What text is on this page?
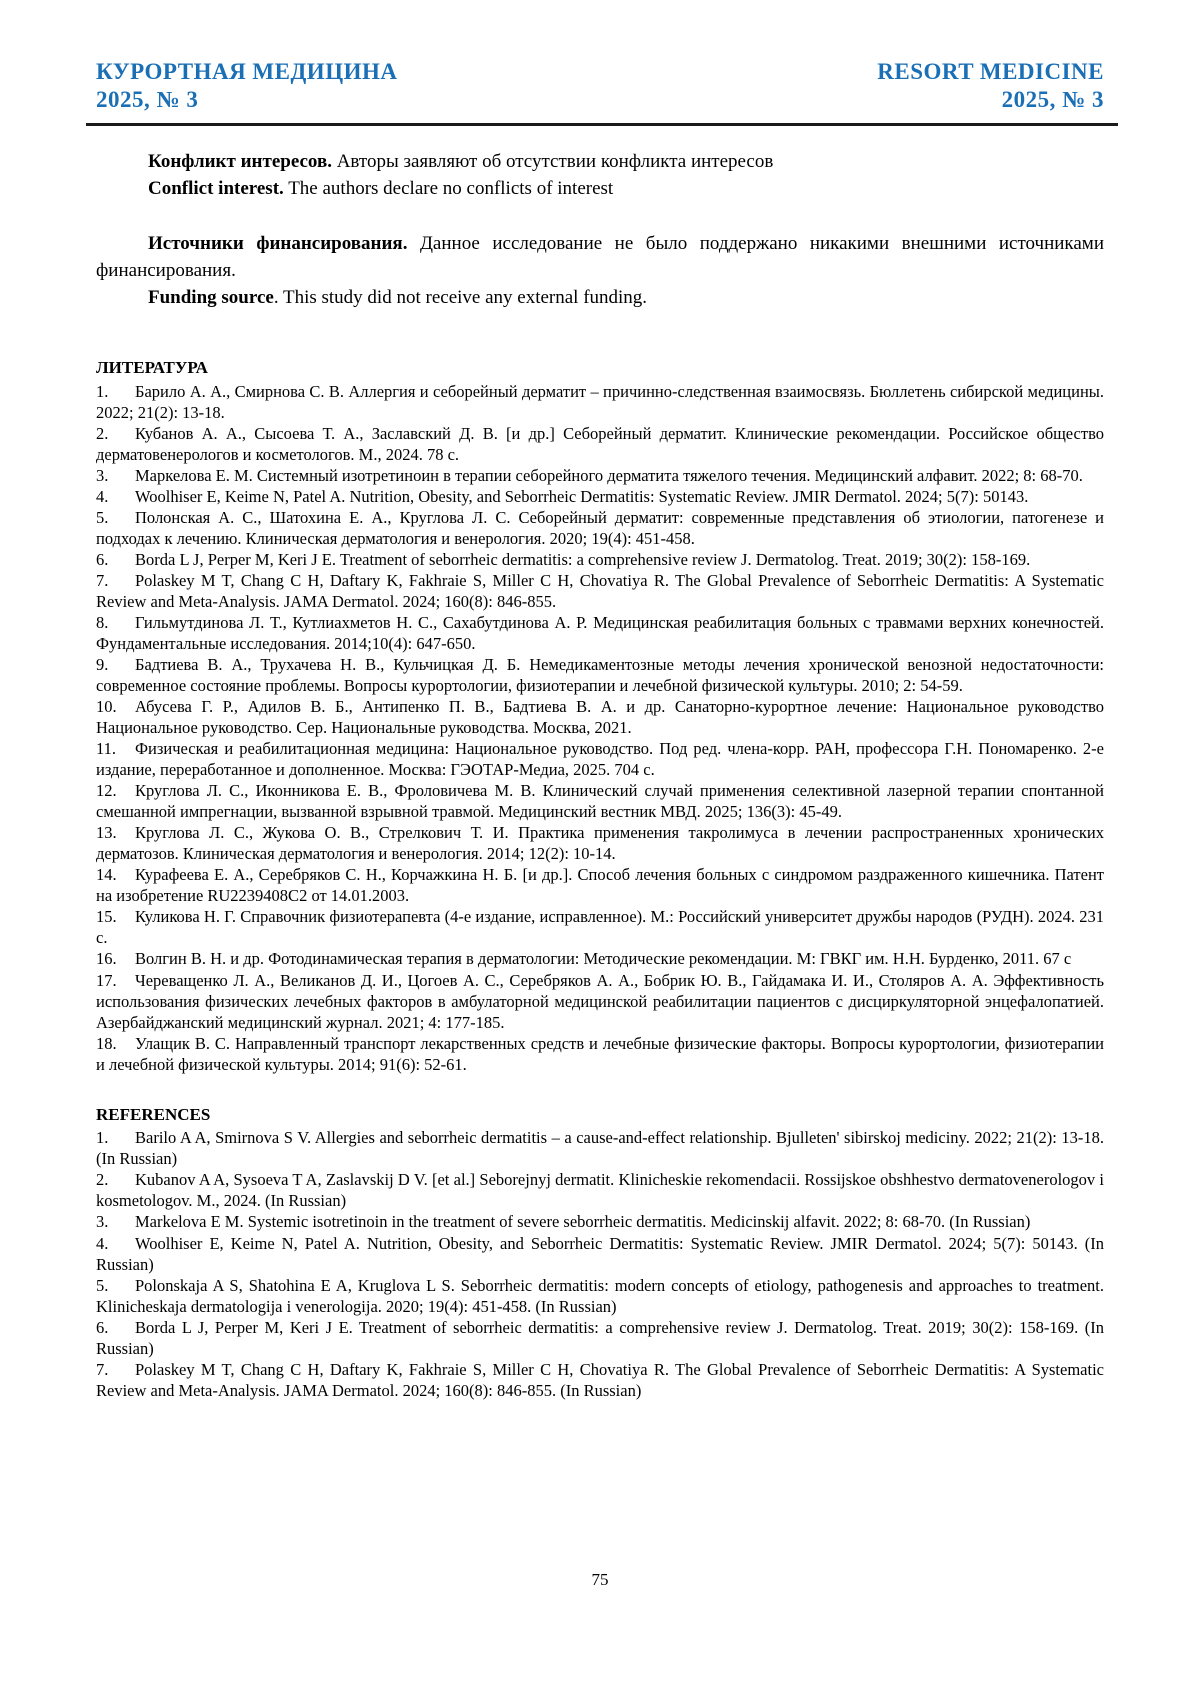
КУРОРТНАЯ МЕДИЦИНА	RESORT MEDICINE
2025, № 3	2025, № 3

Конфликт интересов. Авторы заявляют об отсутствии конфликта интересов

Conflict interest. The authors declare no conflicts of interest

Источники финансирования. Данное исследование не было поддержано никакими внешними источниками финансирования.

Funding source. This study did not receive any external funding.

ЛИТЕРАТУРА

1. Барило А. А., Смирнова С. В. Аллергия и себорейный дерматит – причинно-следственная взаимосвязь. Бюллетень сибирской медицины. 2022; 21(2): 13-18.

2. Кубанов А. А., Сысоева Т. А., Заславский Д. В. [и др.] Себорейный дерматит. Клинические рекомендации. Российское общество дерматовенерологов и косметологов. М., 2024. 78 с.

3. Маркелова Е. М. Системный изотретиноин в терапии себорейного дерматита тяжелого течения. Медицинский алфавит. 2022; 8: 68-70.

4. Woolhiser E, Keime N, Patel A. Nutrition, Obesity, and Seborrheic Dermatitis: Systematic Review. JMIR Dermatol. 2024; 5(7): 50143.

5. Полонская А. С., Шатохина Е. А., Круглова Л. С. Себорейный дерматит: современные представления об этиологии, патогенезе и подходах к лечению. Клиническая дерматология и венерология. 2020; 19(4): 451-458.

6. Borda L J, Perper M, Keri J E. Treatment of seborrheic dermatitis: a comprehensive review J. Dermatolog. Treat. 2019; 30(2): 158-169.

7. Polaskey M T, Chang C H, Daftary K, Fakhraie S, Miller C H, Chovatiya R. The Global Prevalence of Seborrheic Dermatitis: A Systematic Review and Meta-Analysis. JAMA Dermatol. 2024; 160(8): 846-855.

8. Гильмутдинова Л. Т., Кутлиахметов Н. С., Сахабутдинова А. Р. Медицинская реабилитация больных с травмами верхних конечностей. Фундаментальные исследования. 2014;10(4): 647-650.

9. Бадтиева В. А., Трухачева Н. В., Кульчицкая Д. Б. Немедикаментозные методы лечения хронической венозной недостаточности: современное состояние проблемы. Вопросы курортологии, физиотерапии и лечебной физической культуры. 2010; 2: 54-59.

10. Абусева Г. Р., Адилов В. Б., Антипенко П. В., Бадтиева В. А. и др. Санаторно-курортное лечение: Национальное руководство Национальное руководство. Сер. Национальные руководства. Москва, 2021.

11. Физическая и реабилитационная медицина: Национальное руководство. Под ред. члена-корр. РАН, профессора Г.Н. Пономаренко. 2-е издание, переработанное и дополненное. Москва: ГЭОТАР-Медиа, 2025. 704 с.

12. Круглова Л. С., Иконникова Е. В., Фроловичева М. В. Клинический случай применения селективной лазерной терапии спонтанной смешанной импрегнации, вызванной взрывной травмой. Медицинский вестник МВД. 2025; 136(3): 45-49.

13. Круглова Л. С., Жукова О. В., Стрелкович Т. И. Практика применения такролимуса в лечении распространенных хронических дерматозов. Клиническая дерматология и венерология. 2014; 12(2): 10-14.

14. Курафеева Е. А., Серебряков С. Н., Корчажкина Н. Б. [и др.]. Способ лечения больных с синдромом раздраженного кишечника. Патент на изобретение RU2239408C2 от 14.01.2003.

15. Куликова Н. Г. Справочник физиотерапевта (4-е издание, исправленное). М.: Российский университет дружбы народов (РУДН). 2024. 231 с.

16. Волгин В. Н. и др. Фотодинамическая терапия в дерматологии: Методические рекомендации. М: ГВКГ им. Н.Н. Бурденко, 2011. 67 с

17. Череващенко Л. А., Великанов Д. И., Цогоев А. С., Серебряков А. А., Бобрик Ю. В., Гайдамака И. И., Столяров А. А. Эффективность использования физических лечебных факторов в амбулаторной медицинской реабилитации пациентов с дисциркуляторной энцефалопатией. Азербайджанский медицинский журнал. 2021; 4: 177-185.

18. Улащик В. С. Направленный транспорт лекарственных средств и лечебные физические факторы. Вопросы курортологии, физиотерапии и лечебной физической культуры. 2014; 91(6): 52-61.

REFERENCES

1. Barilo A A, Smirnova S V. Allergies and seborrheic dermatitis – a cause-and-effect relationship. Bjulleten' sibirskoj mediciny. 2022; 21(2): 13-18. (In Russian)

2. Kubanov A A, Sysoeva T A, Zaslavskij D V. [et al.] Seborejnyj dermatit. Klinicheskie rekomendacii. Rossijskoe obshhestvo dermatovenerologov i kosmetologov. M., 2024. (In Russian)

3. Markelova E M. Systemic isotretinoin in the treatment of severe seborrheic dermatitis. Medicinskij alfavit. 2022; 8: 68-70. (In Russian)

4. Woolhiser E, Keime N, Patel A. Nutrition, Obesity, and Seborrheic Dermatitis: Systematic Review. JMIR Dermatol. 2024; 5(7): 50143. (In Russian)

5. Polonskaja A S, Shatohina E A, Kruglova L S. Seborrheic dermatitis: modern concepts of etiology, pathogenesis and approaches to treatment. Klinicheskaja dermatologija i venerologija. 2020; 19(4): 451-458. (In Russian)

6. Borda L J, Perper M, Keri J E. Treatment of seborrheic dermatitis: a comprehensive review J. Dermatolog. Treat. 2019; 30(2): 158-169. (In Russian)

7. Polaskey M T, Chang C H, Daftary K, Fakhraie S, Miller C H, Chovatiya R. The Global Prevalence of Seborrheic Dermatitis: A Systematic Review and Meta-Analysis. JAMA Dermatol. 2024; 160(8): 846-855. (In Russian)

75
